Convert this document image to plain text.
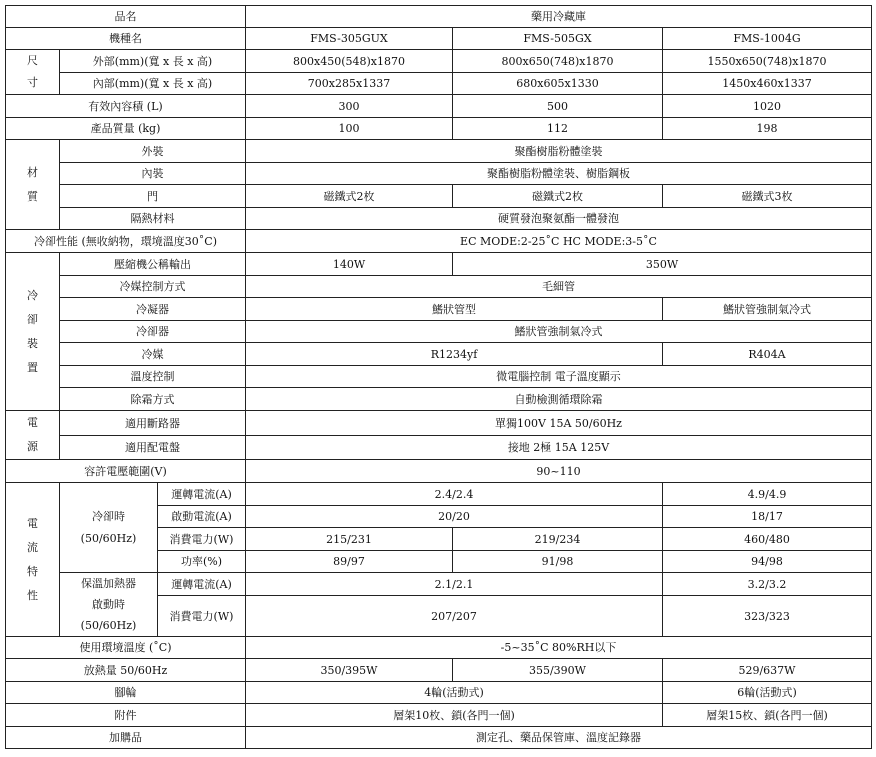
品名			藥用冷藏庫		
機種名			FMS-305GUX	FMS-505GX	FMS-1004G
尺
寸	外部(mm)(寬 x 長 x 高)		800x450(548)x1870	800x650(748)x1870	1550x650(748)x1870
	內部(mm)(寬 x 長 x 高)		700x285x1337	680x605x1330	1450x460x1337
有效內容積 (L)			300	500	1020
產品質量 (kg)			100	112	198
材
質	外裝		聚酯樹脂粉體塗裝		
	內裝		聚酯樹脂粉體塗裝、樹脂鋼板		
	門		磁鐵式2枚	磁鐵式2枚	磁鐵式3枚
	隔熱材料		硬質發泡聚氨酯一體發泡		
冷卻性能 (無收納物，環境溫度30˚C)			EC MODE:2-25˚C HC MODE:3-5˚C		
冷
卻
裝
置	壓縮機公稱輸出		140W	350W	
	冷媒控制方式		毛細管		
	冷凝器		鰭狀管型		鰭狀管強制氣冷式
	冷卻器		鰭狀管強制氣冷式		
	冷媒		R1234yf		R404A
	溫度控制		微電腦控制 電子溫度顯示		
	除霜方式		自動檢測循環除霜		
電
源	適用斷路器		單獨100V 15A 50/60Hz		
	適用配電盤		接地 2極 15A 125V		
容許電壓範圍(V)			90~110		
電
流
特
性	冷卻時
(50/60Hz)	運轉電流(A)	2.4/2.4		4.9/4.9
		啟動電流(A)	20/20		18/17
		消費電力(W)	215/231	219/234	460/480
		功率(%)	89/97	91/98	94/98
	保溫加熱器
啟動時
(50/60Hz)	運轉電流(A)	2.1/2.1		3.2/3.2
		消費電力(W)	207/207		323/323

使用環境溫度 (˚C)			-5~35˚C 80%RH以下		
放熱量 50/60Hz			350/395W	355/390W	529/637W
腳輪			4輪(活動式)		6輪(活動式)
附件			層架10枚、鎖(各門一個)		層架15枚、鎖(各門一個)
加購品			測定孔、藥品保管庫、溫度記錄器		
